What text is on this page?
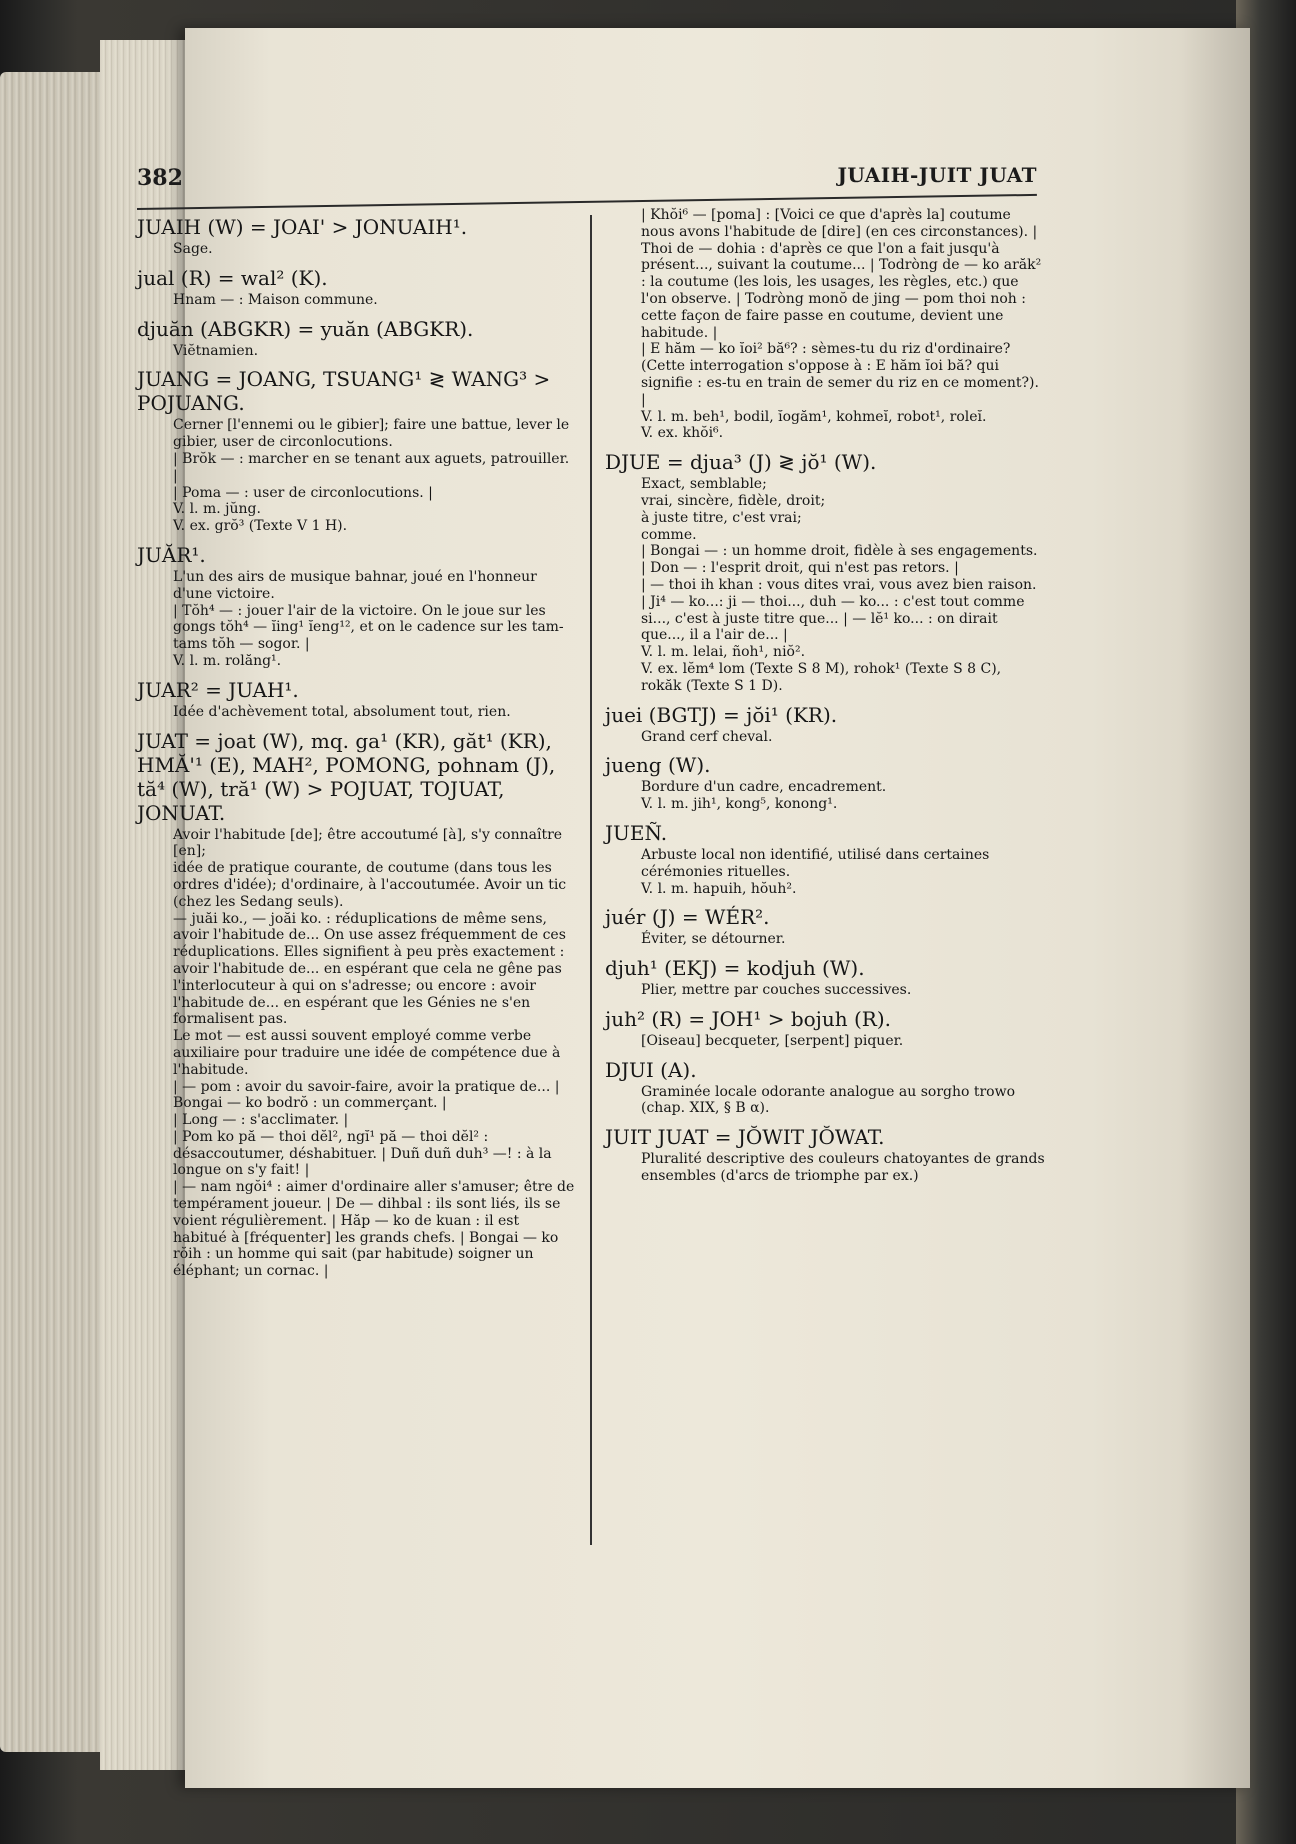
382	JUAIH-JUIT JUAT

JUAIH (W) = JOAI' > JONUAIH¹.

Sage.

jual (R) = wal² (K).

Hnam — : Maison commune.

djuăn (ABGKR) = yuăn (ABGKR).

Viĕtnamien.

JUANG = JOANG, TSUANG¹ ≷ WANG³ > POJUANG.

Cerner [l'ennemi ou le gibier]; faire une battue, lever le gibier, user de circonlocutions.

| Brŏk — : marcher en se tenant aux aguets, patrouiller. |

| Poma — : user de circonlocutions. |

V. l. m. jŭng.

V. ex. grŏ³ (Texte V 1 H).

JUĂR¹.

L'un des airs de musique bahnar, joué en l'honneur d'une victoire.

| Tŏh⁴ — : jouer l'air de la victoire. On le joue sur les gongs tŏh⁴ — ĭing¹ ĭeng¹², et on le cadence sur les tam-tams tŏh — sogor. |

V. l. m. rolăng¹.

JUAR² = JUAH¹.

Idée d'achèvement total, absolument tout, rien.

JUAT = joat (W), mq. ga¹ (KR), găt¹ (KR), HMĂ'¹ (E), MAH², POMONG, pohnam (J), tă⁴ (W), tră¹ (W) > POJUAT, TOJUAT, JONUAT.

Avoir l'habitude [de]; être accoutumé [à], s'y connaître [en];

idée de pratique courante, de coutume (dans tous les ordres d'idée); d'ordinaire, à l'accoutumée. Avoir un tic (chez les Sedang seuls).

— juăi ko., — joăi ko. : réduplications de même sens, avoir l'habitude de... On use assez fréquemment de ces réduplications. Elles signifient à peu près exactement : avoir l'habitude de... en espérant que cela ne gêne pas l'interlocuteur à qui on s'adresse; ou encore : avoir l'habitude de... en espérant que les Génies ne s'en formalisent pas.

Le mot — est aussi souvent employé comme verbe auxiliaire pour traduire une idée de compétence due à l'habitude.

| — pom : avoir du savoir-faire, avoir la pratique de... | Bongai — ko bodrŏ : un commerçant. |

| Long — : s'acclimater. |

| Pom ko pă — thoi dĕl², ngĭ¹ pă — thoi dĕl² : désaccoutumer, déshabituer. | Duñ duñ duh³ —! : à la longue on s'y fait! |

| — nam ngŏi⁴ : aimer d'ordinaire aller s'amuser; être de tempérament joueur. | De — dihbal : ils sont liés, ils se voient régulièrement. | Hăp — ko de kuan : il est habitué à [fréquenter] les grands chefs. | Bongai — ko rŏih : un homme qui sait (par habitude) soigner un éléphant; un cornac. |

| Khŏi⁶ — [poma] : [Voici ce que d'après la] coutume nous avons l'habitude de [dire] (en ces circonstances). | Thoi de — dohia : d'après ce que l'on a fait jusqu'à présent..., suivant la coutume... | Todròng de — ko arăk² : la coutume (les lois, les usages, les règles, etc.) que l'on observe. | Todròng monŏ de jing — pom thoi noh : cette façon de faire passe en coutume, devient une habitude. |

| E hăm — ko ĭoi² bă⁶? : sèmes-tu du riz d'ordinaire? (Cette interrogation s'oppose à : E hăm ĭoi bă? qui signifie : es-tu en train de semer du riz en ce moment?). |

V. l. m. beh¹, bodil, ĭogăm¹, kohmeĭ, robot¹, roleĭ.

V. ex. khŏi⁶.

DJUE = djua³ (J) ≷ jŏ¹ (W).

Exact, semblable;

vrai, sincère, fidèle, droit;

à juste titre, c'est vrai;

comme.

| Bongai — : un homme droit, fidèle à ses engagements. | Don — : l'esprit droit, qui n'est pas retors. |

| — thoi ih khan : vous dites vrai, vous avez bien raison. | Ji⁴ — ko...: ji — thoi..., duh — ko... : c'est tout comme si..., c'est à juste titre que... | — lĕ¹ ko... : on dirait que..., il a l'air de... |

V. l. m. lelai, ñoh¹, niŏ².

V. ex. lĕm⁴ lom (Texte S 8 M), rohok¹ (Texte S 8 C), rokăk (Texte S 1 D).

juei (BGTJ) = jŏi¹ (KR).

Grand cerf cheval.

jueng (W).

Bordure d'un cadre, encadrement.

V. l. m. jih¹, kong⁵, konong¹.

JUEÑ.

Arbuste local non identifié, utilisé dans certaines cérémonies rituelles.

V. l. m. hapuih, hŏuh².

juér (J) = WÉR².

Éviter, se détourner.

djuh¹ (EKJ) = kodjuh (W).

Plier, mettre par couches successives.

juh² (R) = JOH¹ > bojuh (R).

[Oiseau] becqueter, [serpent] piquer.

DJUI (A).

Graminée locale odorante analogue au sorgho trowo (chap. XIX, § B α).

JUIT JUAT = JŎWIT JŎWAT.

Pluralité descriptive des couleurs chatoyantes de grands ensembles (d'arcs de triomphe par ex.)
